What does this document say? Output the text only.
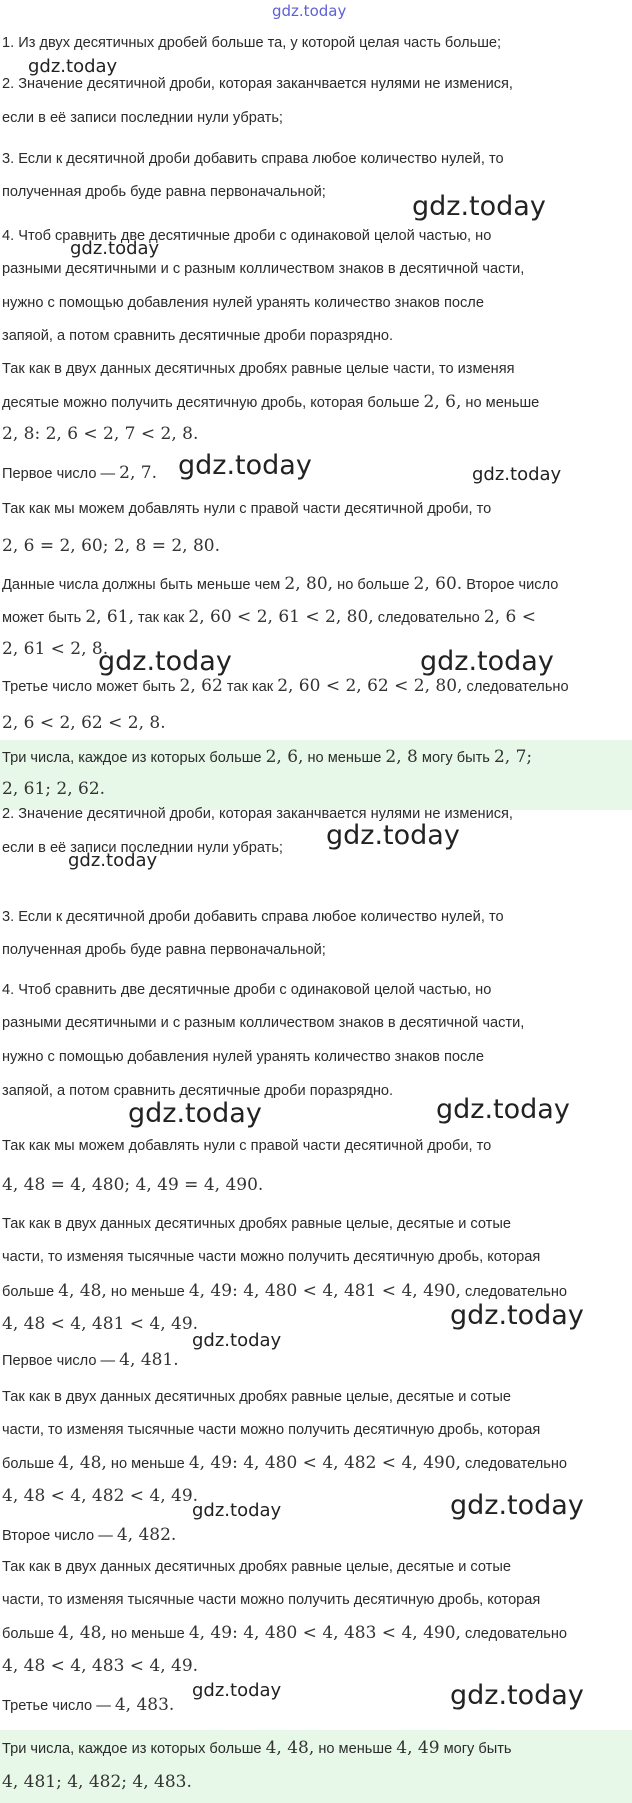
gdz.today
1. Из двух десятичных дробей больше та, у которой целая часть больше;
2. Значение десятичной дроби, которая заканчвается нулями не изменися,
если в её записи последнии нули убрать;
3. Если к десятичной дроби добавить справа любое количество нулей, то
полученная дробь буде равна первоначальной;
4. Чтоб сравнить две десятичные дроби с одинаковой целой частью, но
разными десятичными и с разным колличеством знаков в десятичной части,
нужно с помощью добавления нулей уранять количество знаков после
запяой, а потом сравнить десятичные дроби поразрядно.
Так как в двух данных десятичных дробях равные целые части, то изменяя
десятые можно получить десятичную дробь, которая больше 2, 6, но меньше
2, 8: 2, 6 < 2, 7 < 2, 8.
Первое число — 2, 7.
Так как мы можем добавлять нули с правой части десятичной дроби, то
2, 6 = 2, 60; 2, 8 = 2, 80.
Данные числа должны быть меньше чем 2, 80, но больше 2, 60. Второе число
может быть 2, 61, так как 2, 60 < 2, 61 < 2, 80, следовательно 2, 6 <
2, 61 < 2, 8.
Третье число может быть 2, 62 так как 2, 60 < 2, 62 < 2, 80, следовательно
2, 6 < 2, 62 < 2, 8.
Три числа, каждое из которых больше 2, 6, но меньше 2, 8 могу быть 2, 7;
2, 61; 2, 62.
2. Значение десятичной дроби, которая заканчвается нулями не изменися,
если в её записи последнии нули убрать;
3. Если к десятичной дроби добавить справа любое количество нулей, то
полученная дробь буде равна первоначальной;
4. Чтоб сравнить две десятичные дроби с одинаковой целой частью, но
разными десятичными и с разным колличеством знаков в десятичной части,
нужно с помощью добавления нулей уранять количество знаков после
запяой, а потом сравнить десятичные дроби поразрядно.
Так как мы можем добавлять нули с правой части десятичной дроби, то
4, 48 = 4, 480; 4, 49 = 4, 490.
Так как в двух данных десятичных дробях равные целые, десятые и сотые
части, то изменяя тысячные части можно получить десятичную дробь, которая
больше 4, 48, но меньше 4, 49: 4, 480 < 4, 481 < 4, 490, следовательно
4, 48 < 4, 481 < 4, 49.
Первое число — 4, 481.
Так как в двух данных десятичных дробях равные целые, десятые и сотые
части, то изменяя тысячные части можно получить десятичную дробь, которая
больше 4, 48, но меньше 4, 49: 4, 480 < 4, 482 < 4, 490, следовательно
4, 48 < 4, 482 < 4, 49.
Второе число — 4, 482.
Так как в двух данных десятичных дробях равные целые, десятые и сотые
части, то изменяя тысячные части можно получить десятичную дробь, которая
больше 4, 48, но меньше 4, 49: 4, 480 < 4, 483 < 4, 490, следовательно
4, 48 < 4, 483 < 4, 49.
Третье число — 4, 483.
Три числа, каждое из которых больше 4, 48, но меньше 4, 49 могу быть
4, 481; 4, 482; 4, 483.
gdz.today
gdz.today
gdz.today
gdz.today	gdz.today
gdz.today	gdz.today
gdz.today
gdz.today
gdz.today	gdz.today
gdz.today
gdz.today
gdz.today	gdz.today
gdz.today	gdz.today
